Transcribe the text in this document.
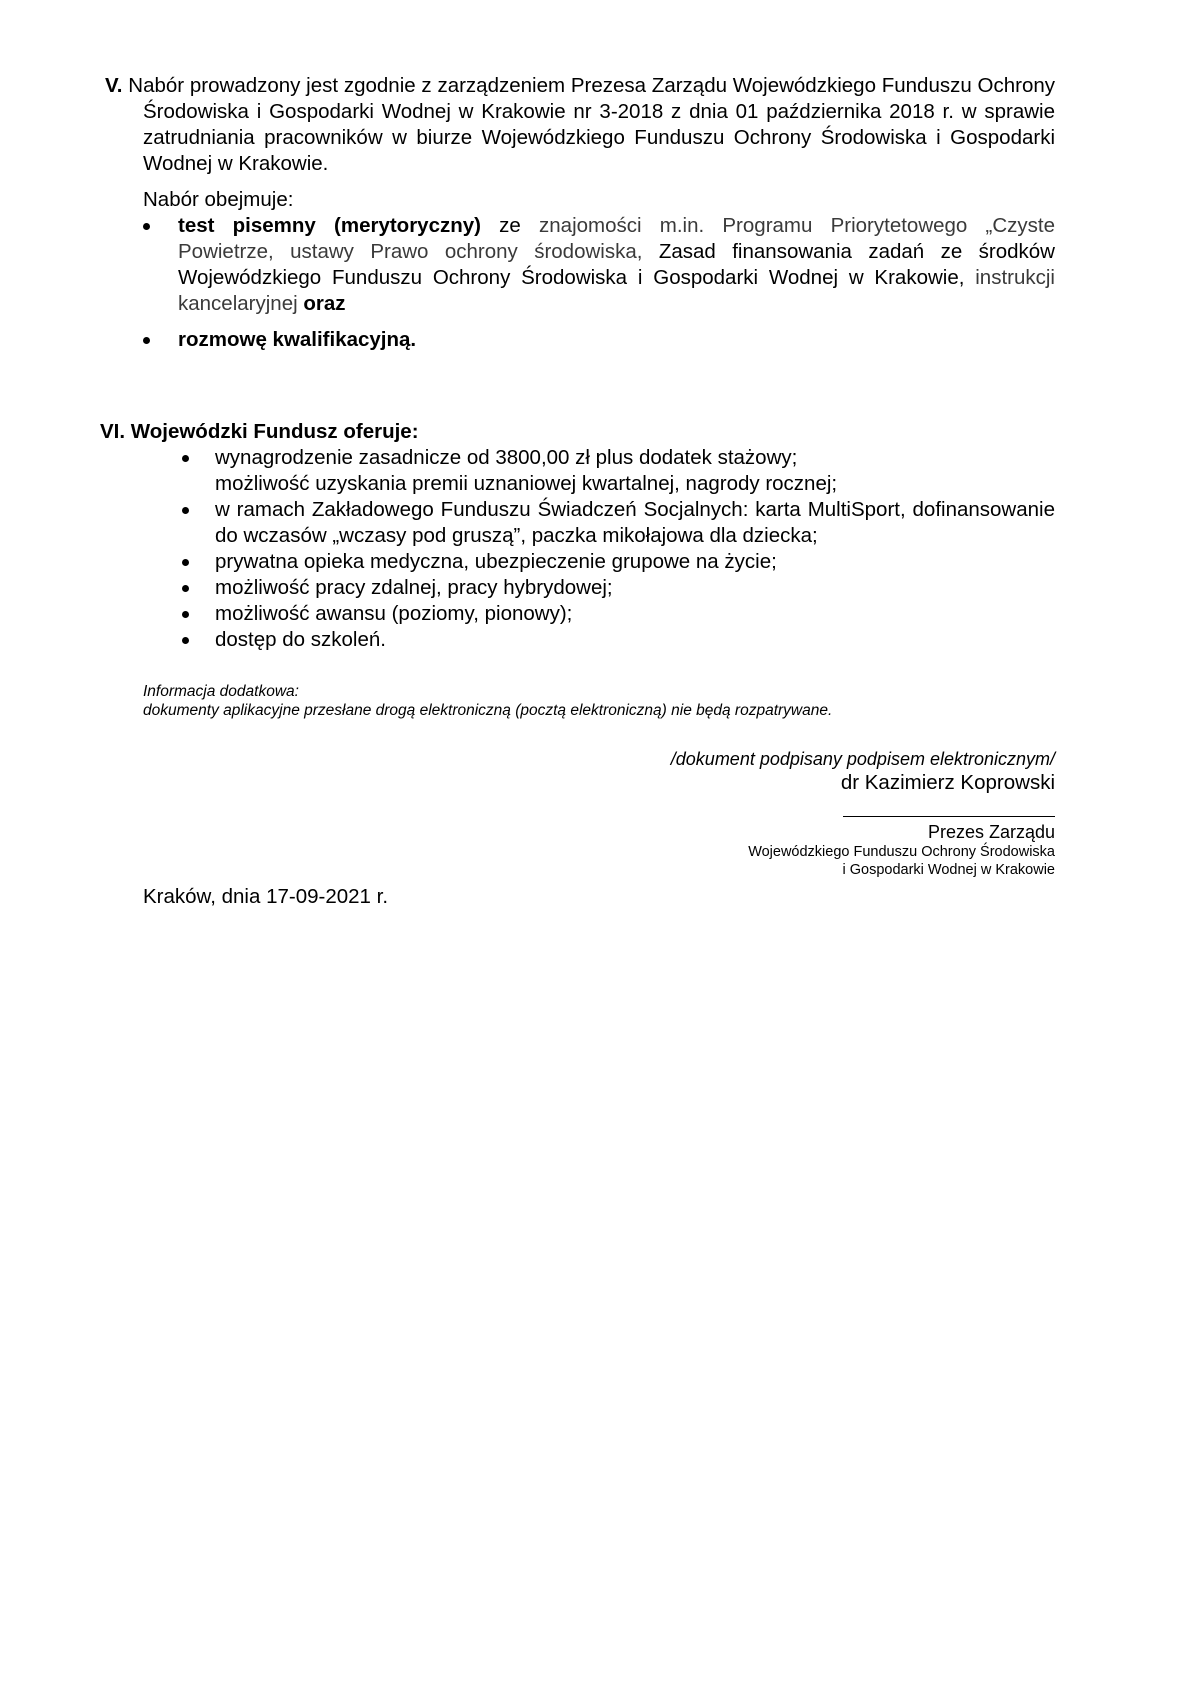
V. Nabór prowadzony jest zgodnie z zarządzeniem Prezesa Zarządu Wojewódzkiego Funduszu Ochrony Środowiska i Gospodarki Wodnej w Krakowie nr 3-2018 z dnia 01 października 2018 r. w sprawie zatrudniania pracowników w biurze Wojewódzkiego Funduszu Ochrony Środowiska i Gospodarki Wodnej w Krakowie.
Nabór obejmuje:
test pisemny (merytoryczny) ze znajomości m.in. Programu Priorytetowego „Czyste Powietrze, ustawy Prawo ochrony środowiska, Zasad finansowania zadań ze środków Wojewódzkiego Funduszu Ochrony Środowiska i Gospodarki Wodnej w Krakowie, instrukcji kancelaryjnej oraz
rozmowę kwalifikacyjną.
VI. Wojewódzki Fundusz oferuje:
wynagrodzenie zasadnicze od 3800,00 zł plus dodatek stażowy;
możliwość uzyskania premii uznaniowej kwartalnej, nagrody rocznej;
w ramach Zakładowego Funduszu Świadczeń Socjalnych: karta MultiSport, dofinansowanie do wczasów „wczasy pod gruszą”, paczka mikołajowa dla dziecka;
prywatna opieka medyczna, ubezpieczenie grupowe na życie;
możliwość pracy zdalnej, pracy hybrydowej;
możliwość awansu (poziomy, pionowy);
dostęp do szkoleń.
Informacja dodatkowa:
dokumenty aplikacyjne przesłane drogą elektroniczną (pocztą elektroniczną) nie będą rozpatrywane.
/dokument podpisany podpisem elektronicznym/
dr Kazimierz Koprowski
Prezes Zarządu
Wojewódzkiego Funduszu Ochrony Środowiska
i Gospodarki Wodnej w Krakowie
Kraków, dnia 17-09-2021 r.
